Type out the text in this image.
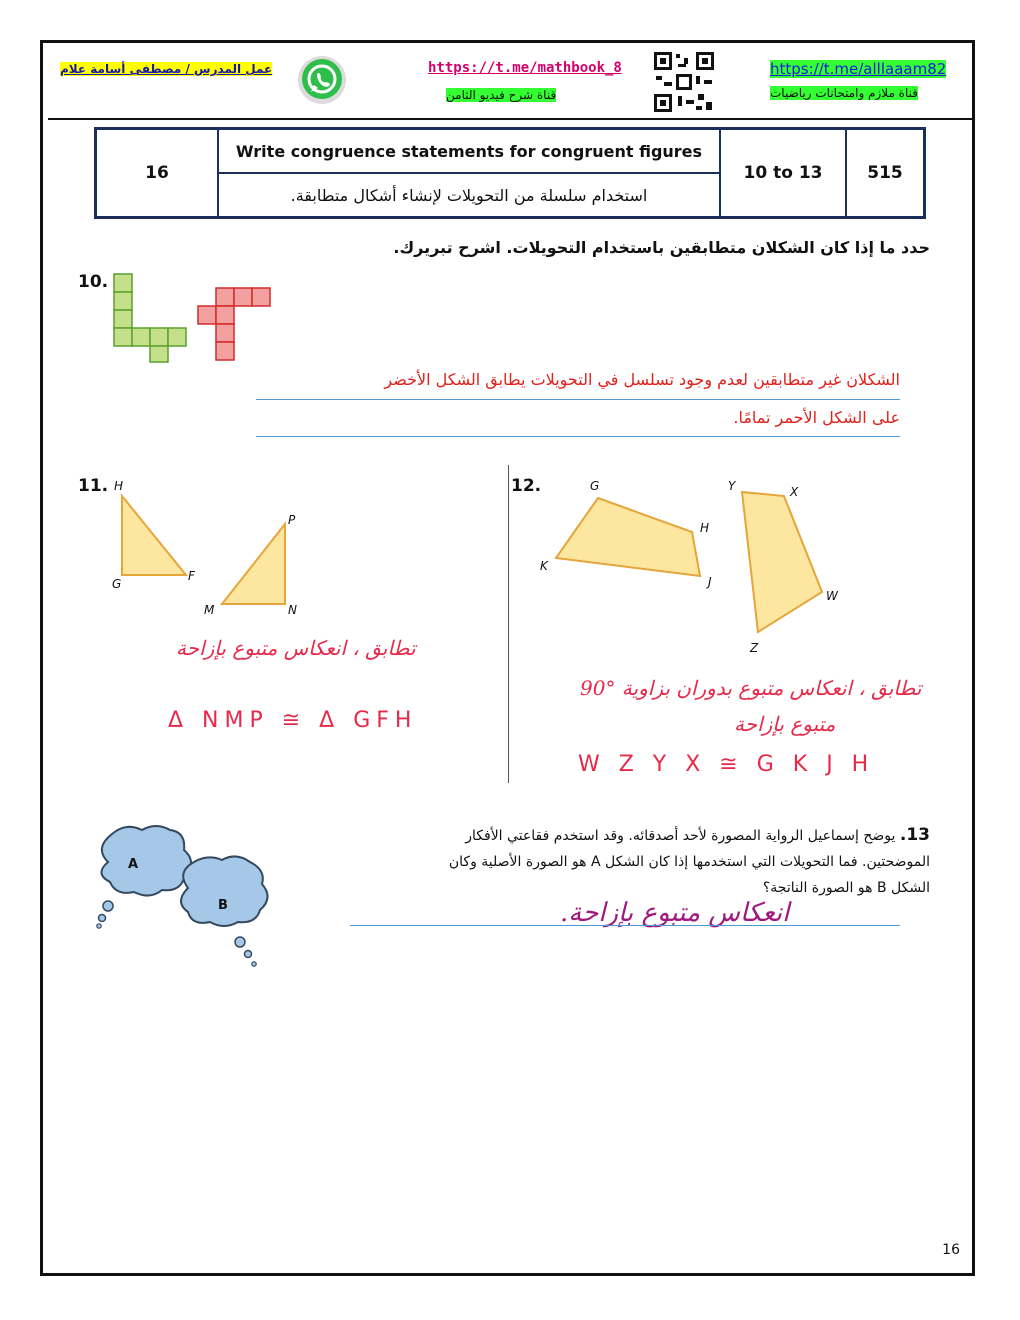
عمل المدرس / مصطفى أسامة علام	https://t.me/mathbook_8
قناة شرح فيديو الثامن
https://t.me/alllaaam82
قناة ملازم وامتحانات رياضيات
16	Write congruence statements for congruent figures	10 to 13	515
استخدام سلسلة من التحويلات لإنشاء أشكال متطابقة.
حدد ما إذا كان الشكلان متطابقين باستخدام التحويلات. اشرح تبريرك.
10.
الشكلان غير متطابقين لعدم وجود تسلسل في التحويلات يطابق الشكل الأخضر
على الشكل الأحمر تمامًا.
11. H
G
F
P
M	N
تطابق ، انعكاس متبوع بإزاحة
Δ NMP ≅ Δ GFH
12.	G
H
K
J
Y	X
W
Z
تطابق ، انعكاس متبوع بدوران بزاوية °90
متبوع بإزاحة
W Z Y X ≅ G K J H
A
B
13. يوضح إسماعيل الرواية المصورة لأحد أصدقائه. وقد استخدم فقاعتي الأفكار الموضحتين. فما التحويلات التي استخدمها إذا كان الشكل A هو الصورة الأصلية وكان الشكل B هو الصورة الناتجة؟
انعكاس متبوع بإزاحة.
16
